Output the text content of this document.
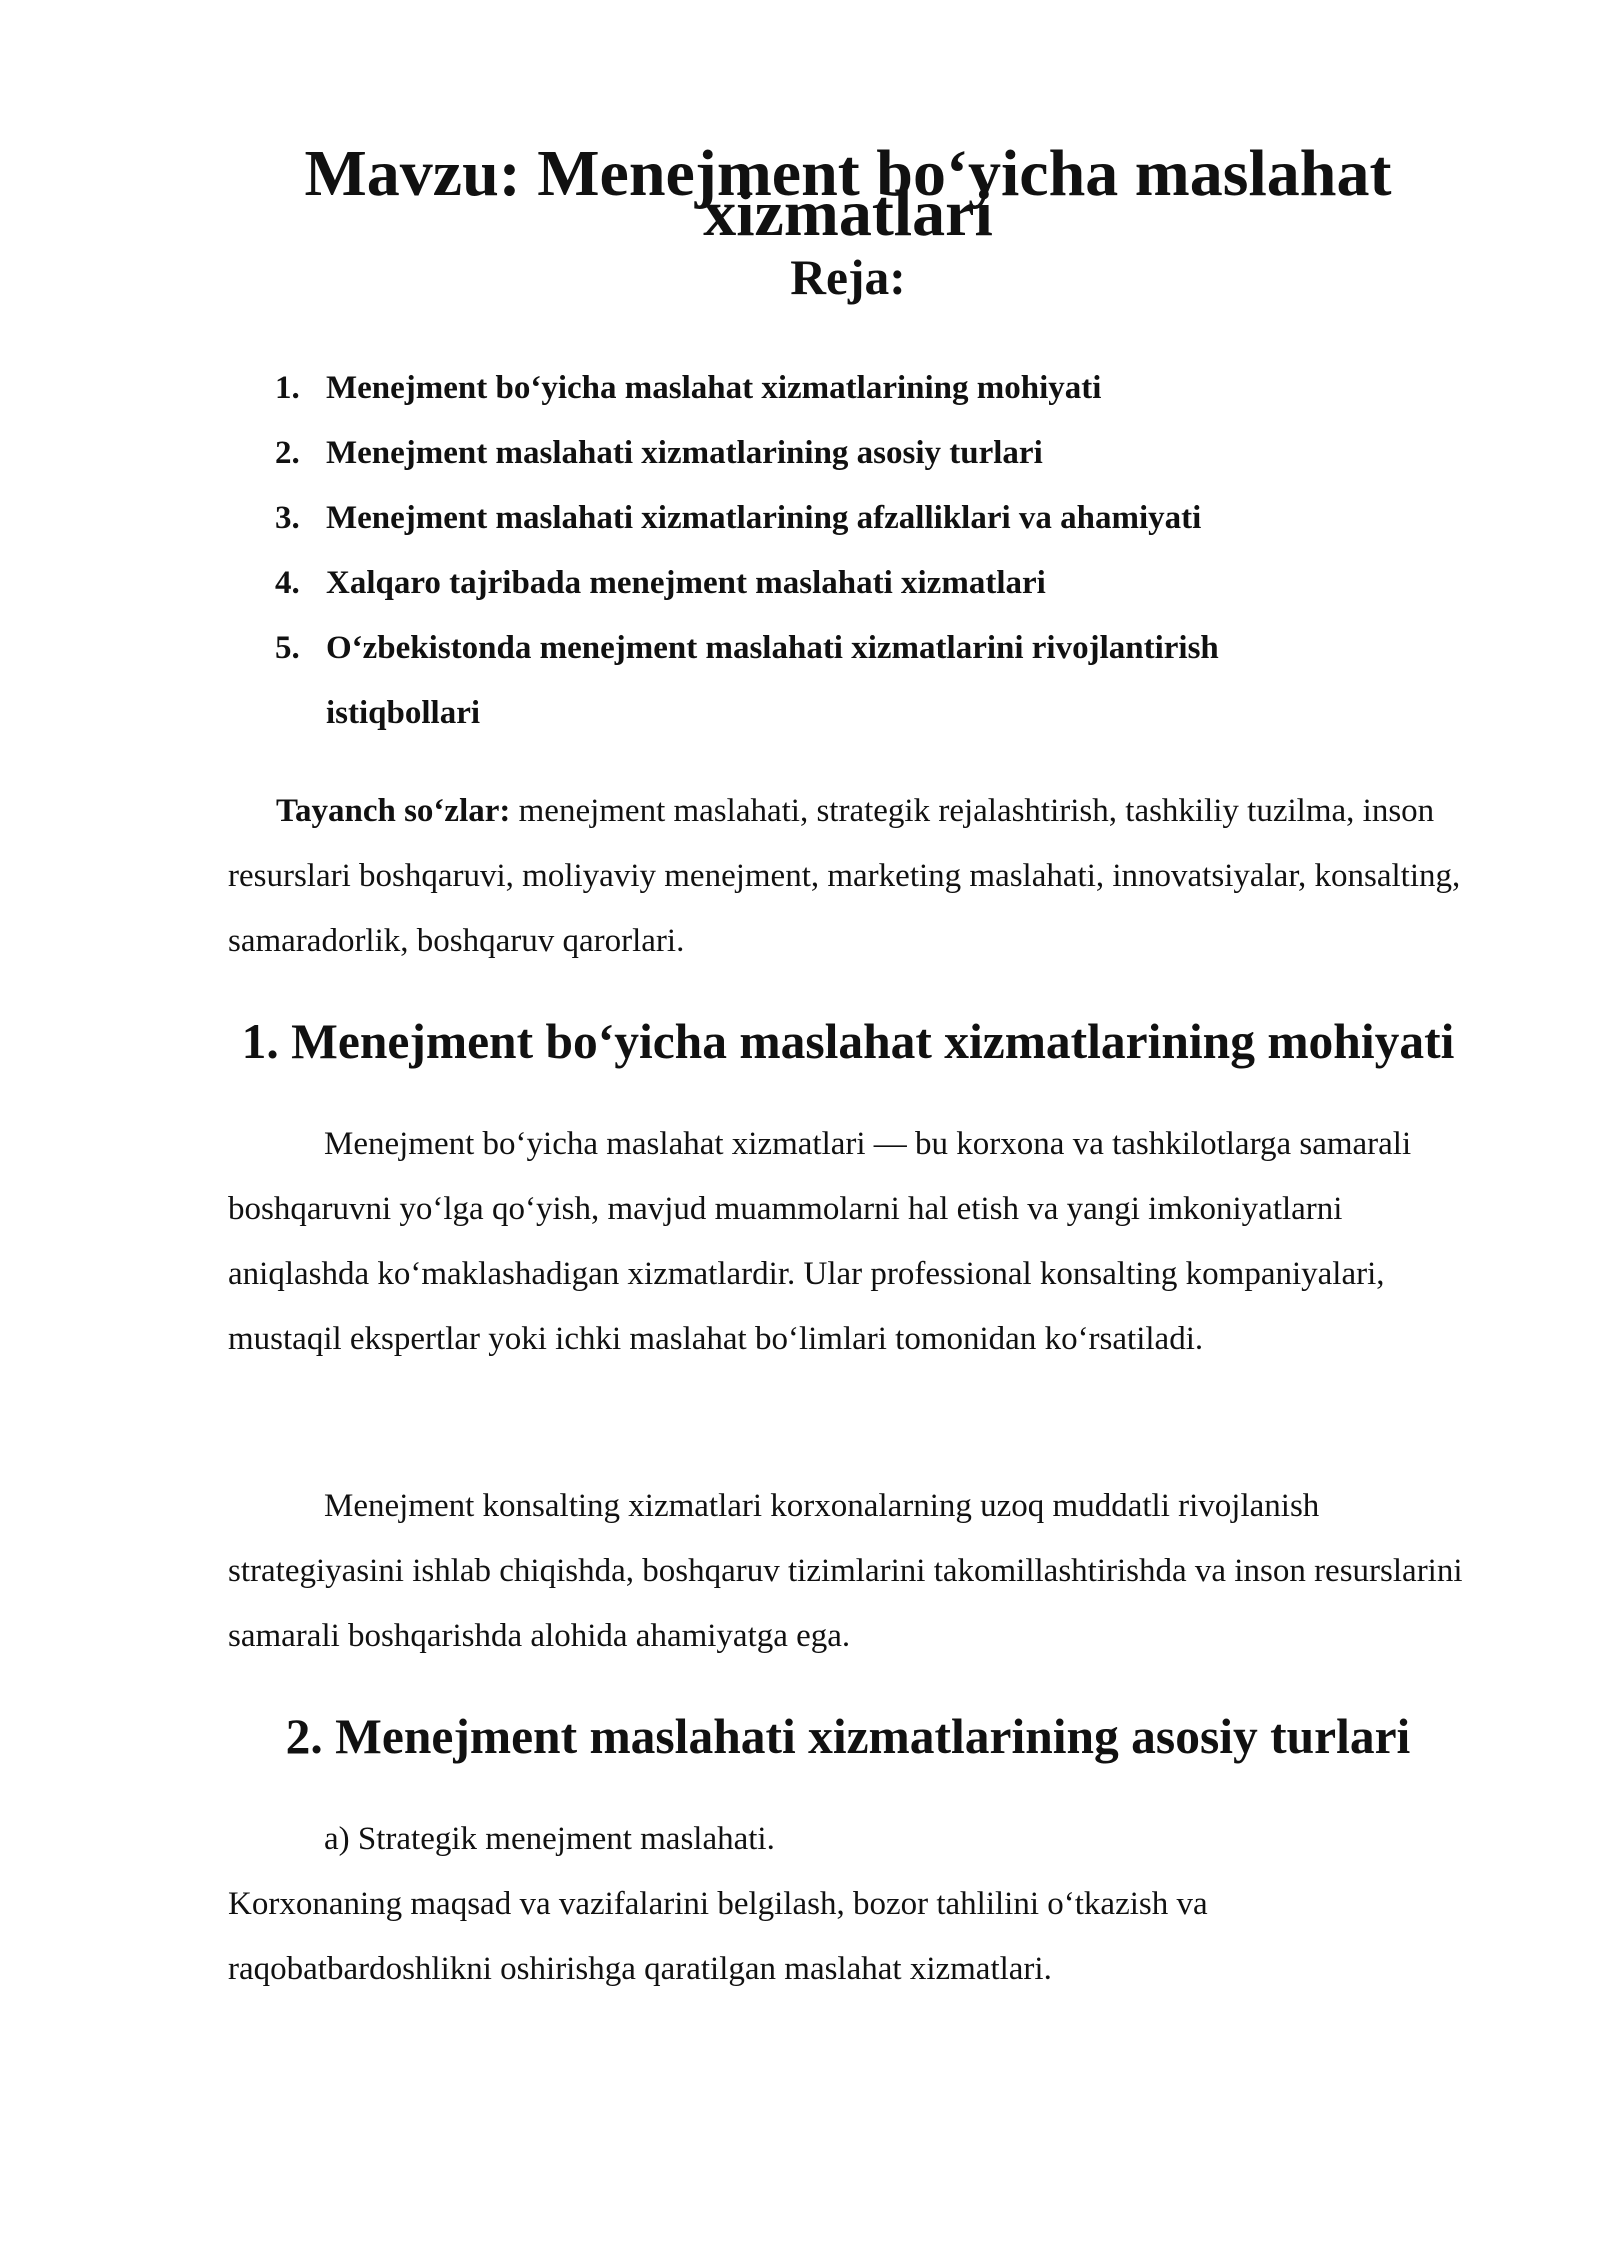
Mavzu: Menejment bo‘yicha maslahat xizmatlari
Reja:
1. Menejment bo‘yicha maslahat xizmatlarining mohiyati
2. Menejment maslahati xizmatlarining asosiy turlari
3. Menejment maslahati xizmatlarining afzalliklari va ahamiyati
4. Xalqaro tajribada menejment maslahati xizmatlari
5. O‘zbekistonda menejment maslahati xizmatlarini rivojlantirish istiqbollari

Tayanch so‘zlar: menejment maslahati, strategik rejalashtirish, tashkiliy tuzilma, inson resurslari boshqaruvi, moliyaviy menejment, marketing maslahati, innovatsiyalar, konsalting, samaradorlik, boshqaruv qarorlari.

1. Menejment bo‘yicha maslahat xizmatlarining mohiyati

Menejment bo‘yicha maslahat xizmatlari — bu korxona va tashkilotlarga samarali boshqaruvni yo‘lga qo‘yish, mavjud muammolarni hal etish va yangi imkoniyatlarni aniqlashda ko‘maklashadigan xizmatlardir. Ular professional konsalting kompaniyalari, mustaqil ekspertlar yoki ichki maslahat bo‘limlari tomonidan ko‘rsatiladi.

Menejment konsalting xizmatlari korxonalarning uzoq muddatli rivojlanish strategiyasini ishlab chiqishda, boshqaruv tizimlarini takomillashtirishda va inson resurslarini samarali boshqarishda alohida ahamiyatga ega.

2. Menejment maslahati xizmatlarining asosiy turlari

a) Strategik menejment maslahati.

Korxonaning maqsad va vazifalarini belgilash, bozor tahlilini o‘tkazish va raqobatbardoshlikni oshirishga qaratilgan maslahat xizmatlari.
